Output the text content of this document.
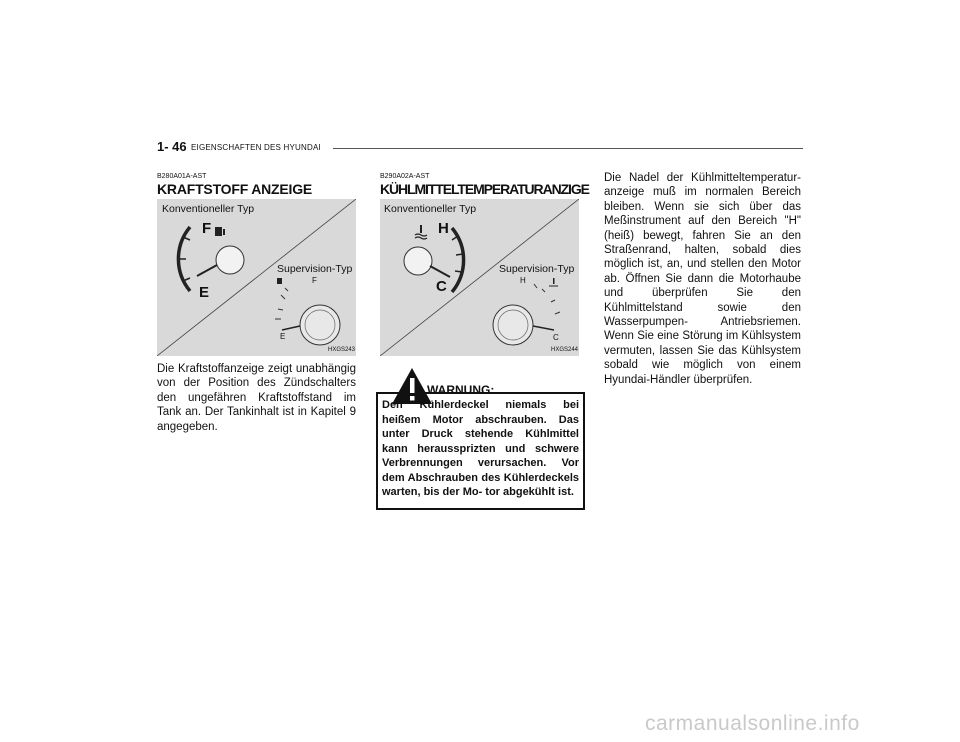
1- 46 EIGENSCHAFTEN DES HYUNDAI
B280A01A-AST
KRAFTSTOFF ANZEIGE
Konventioneller Typ
Supervision-Typ
F
E
F
E
HXGS243
Die Kraftstoffanzeige zeigt unabhängig von der Position des Zündschalters den ungefähren Kraftstoffstand im Tank an. Der Tankinhalt ist in Kapitel 9 angegeben.
B290A02A-AST
KÜHLMITTELTEMPERATURANZIGE
Konventioneller Typ
Supervision-Typ
H
C	H
C
HXGS244
WARNUNG:
Den Kühlerdeckel niemals bei heißem Motor abschrauben. Das unter Druck stehende Kühlmittel kann heraussprizten und schwere Verbrennungen verursachen. Vor dem Abschrauben des Kühlerdeckels warten, bis der Mo- tor abgekühlt ist.
Die Nadel der Kühlmitteltemperatur- anzeige muß im normalen Bereich bleiben. Wenn sie sich über das Meßinstrument auf den Bereich "H" (heiß) bewegt, fahren Sie an den Straßenrand, halten, sobald dies möglich ist, an, und stellen den Motor ab. Öffnen Sie dann die Motorhaube und überprüfen Sie den Kühlmittelstand sowie den Wasserpumpen- Antriebsriemen. Wenn Sie eine Störung im Kühlsystem vermuten, lassen Sie das Kühlsystem sobald wie möglich von einem Hyundai-Händler überprüfen.
carmanualsonline.info
